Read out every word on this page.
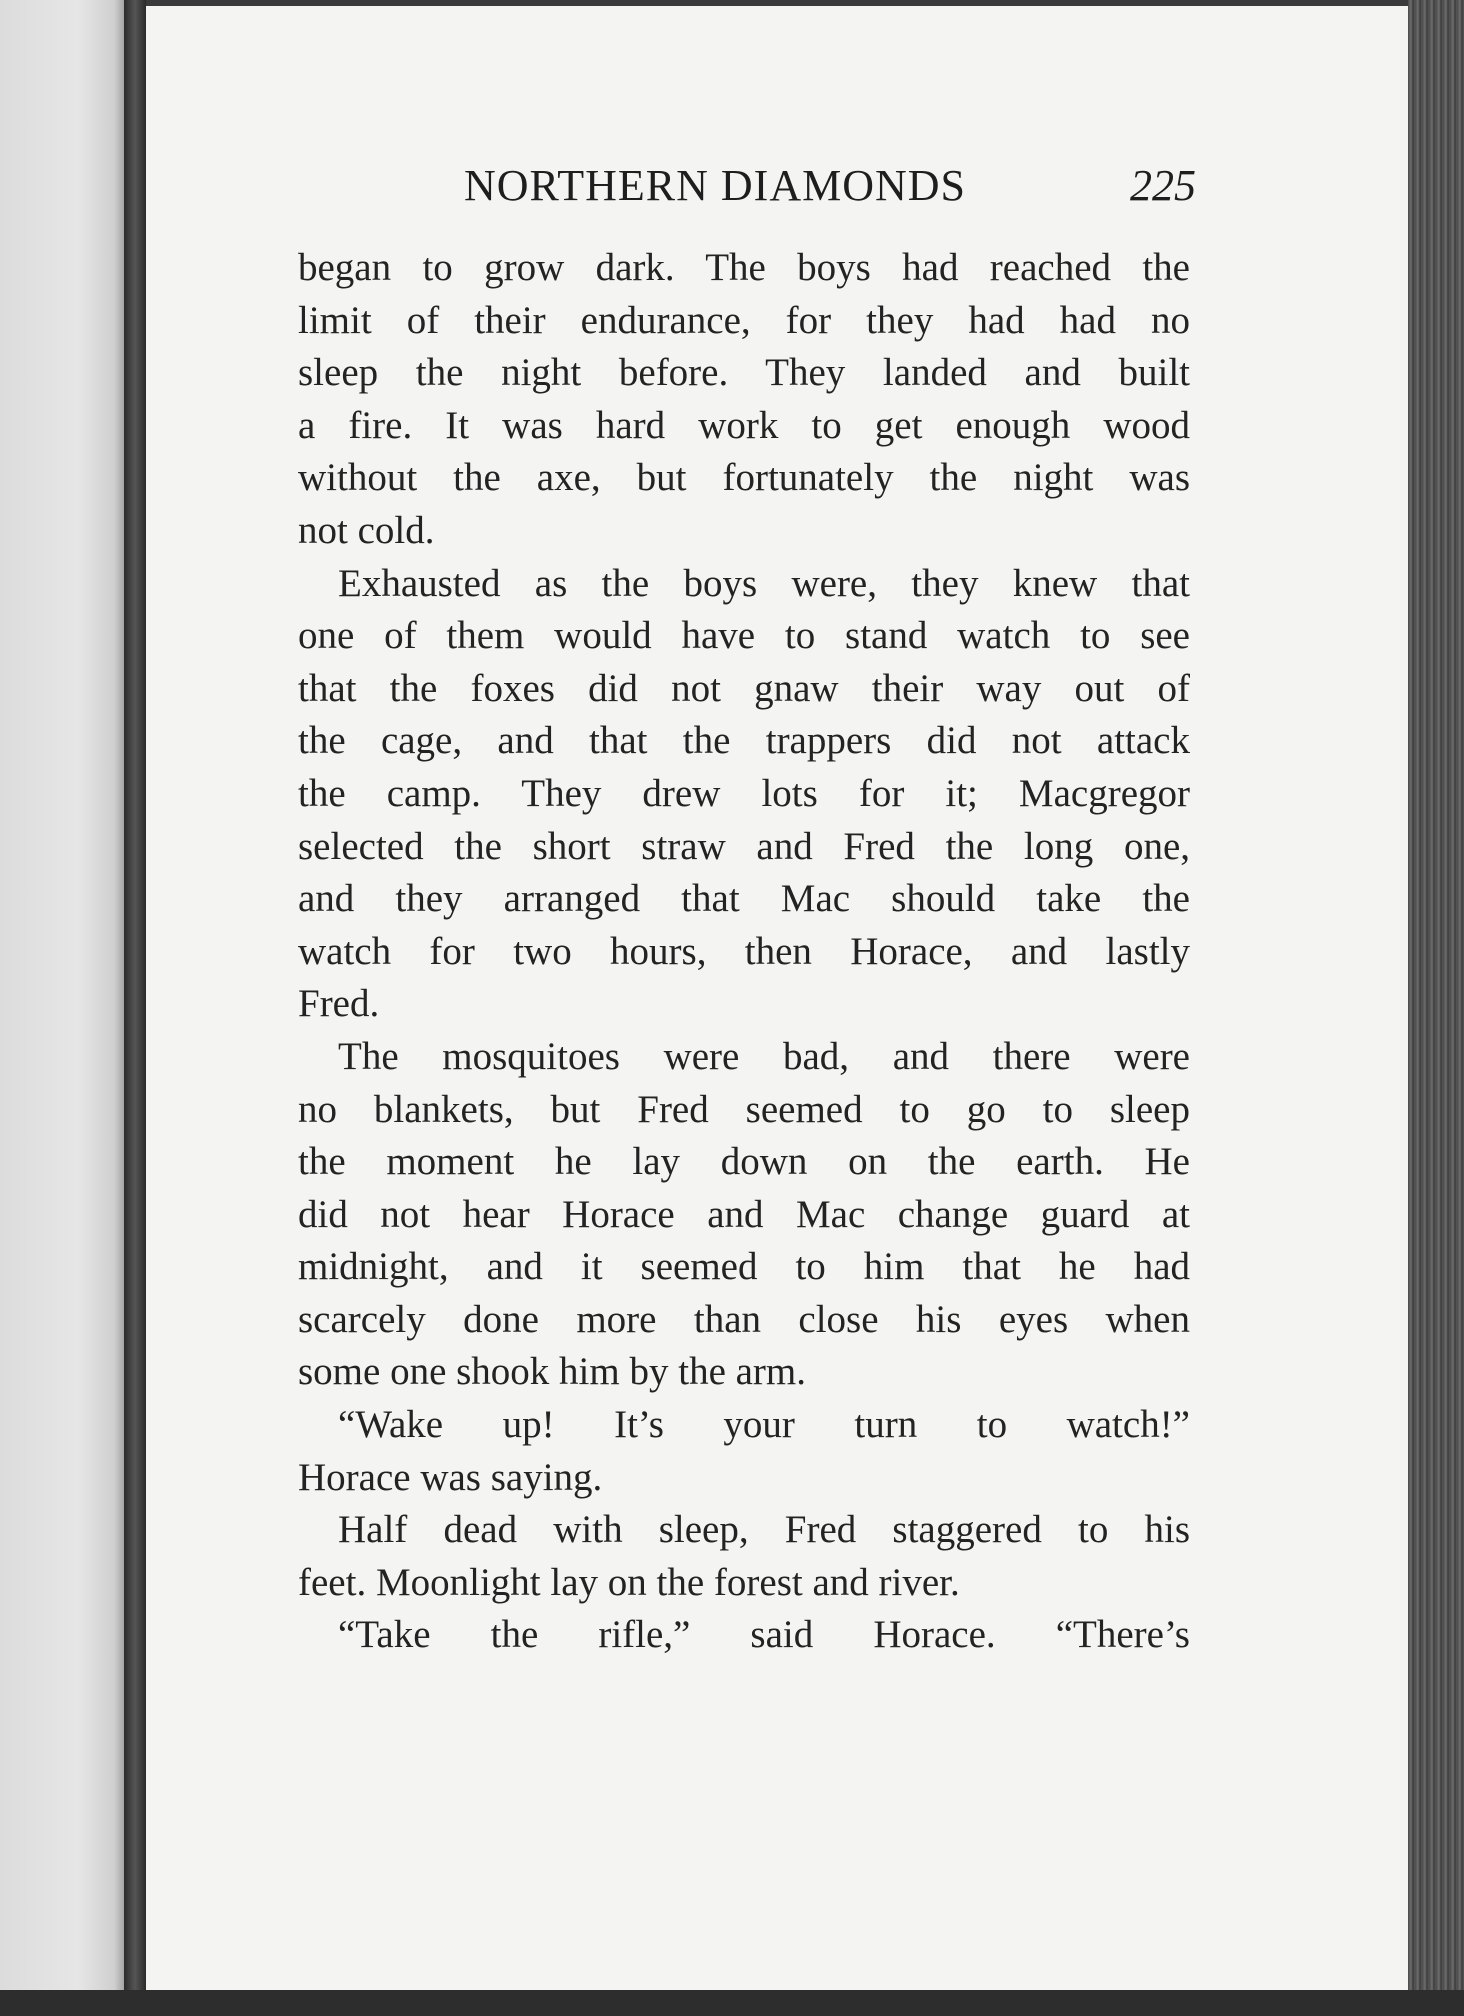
NORTHERN DIAMONDS	225

began to grow dark. The boys had reached the
limit of their endurance, for they had had no
sleep the night before. They landed and built
a fire. It was hard work to get enough wood
without the axe, but fortunately the night was
not cold.

Exhausted as the boys were, they knew that
one of them would have to stand watch to see
that the foxes did not gnaw their way out of
the cage, and that the trappers did not attack
the camp. They drew lots for it; Macgregor
selected the short straw and Fred the long one,
and they arranged that Mac should take the
watch for two hours, then Horace, and lastly
Fred.

The mosquitoes were bad, and there were
no blankets, but Fred seemed to go to sleep
the moment he lay down on the earth. He
did not hear Horace and Mac change guard at
midnight, and it seemed to him that he had
scarcely done more than close his eyes when
some one shook him by the arm.

“Wake up! It’s your turn to watch!”
Horace was saying.

Half dead with sleep, Fred staggered to his
feet. Moonlight lay on the forest and river.

“Take the rifle,” said Horace. “There’s
